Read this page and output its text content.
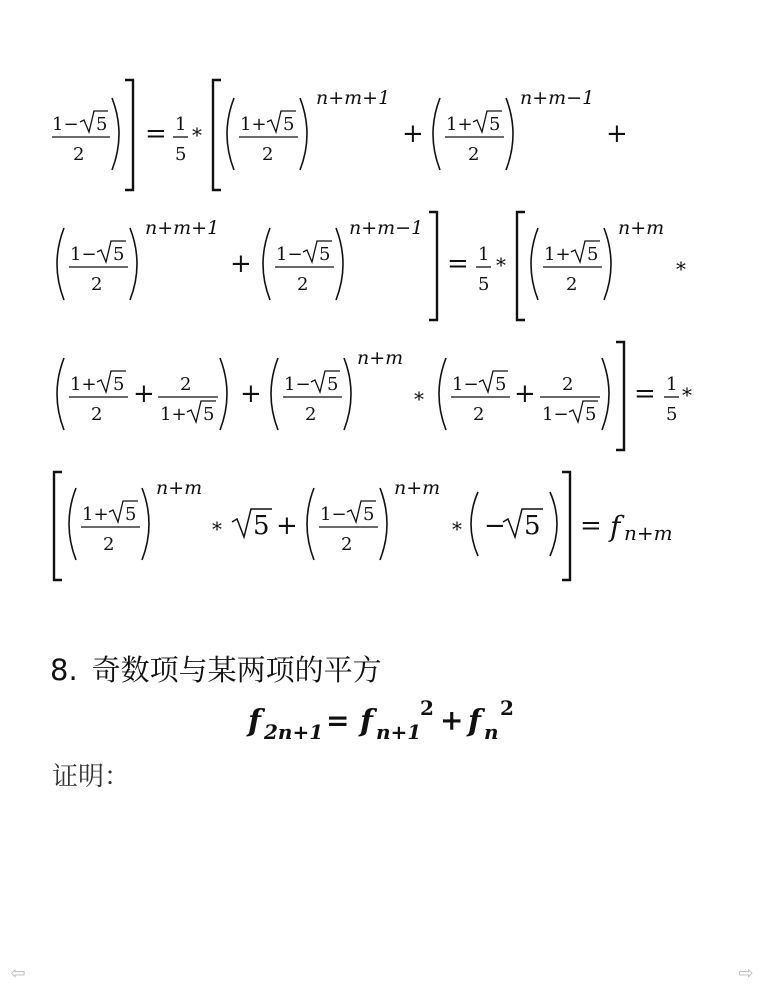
1− 5
2
= 1
5
* 1+ 5
2
n+m+1
+ 1+ 5
2
n+m−1
+
1− 5
2
n+m+1
+ 1− 5
2
n+m−1
= 1
5
* 1+ 5
2
n+m
*
1+ 5
2
+ 2
1+ 5
+ 1− 5
2
n+m
*
1− 5
2
+ 2
1− 5
= 1
5
*
1+ 5
2
n+m
* 5 + 1− 5
2
n+m
* − 5 = f n+m
8. 奇数项与某两项的平方
f 2n+1 = f n+1
2 + f n
2
证明：
⇦	⇨
